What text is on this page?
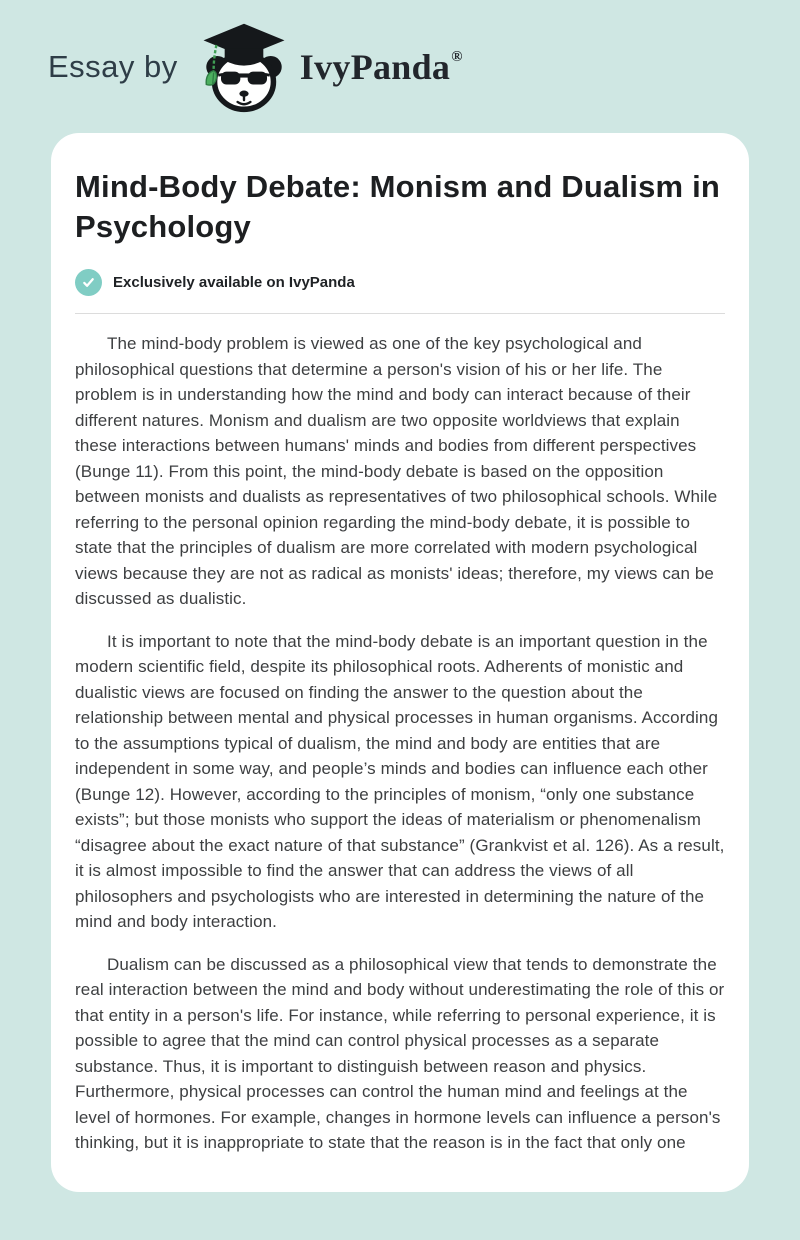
Essay by	IvyPanda®
Mind-Body Debate: Monism and Dualism in Psychology
Exclusively available on IvyPanda

The mind-body problem is viewed as one of the key psychological and philosophical questions that determine a person's vision of his or her life. The problem is in understanding how the mind and body can interact because of their different natures. Monism and dualism are two opposite worldviews that explain these interactions between humans' minds and bodies from different perspectives (Bunge 11). From this point, the mind-body debate is based on the opposition between monists and dualists as representatives of two philosophical schools. While referring to the personal opinion regarding the mind-body debate, it is possible to state that the principles of dualism are more correlated with modern psychological views because they are not as radical as monists' ideas; therefore, my views can be discussed as dualistic.

It is important to note that the mind-body debate is an important question in the modern scientific field, despite its philosophical roots. Adherents of monistic and dualistic views are focused on finding the answer to the question about the relationship between mental and physical processes in human organisms. According to the assumptions typical of dualism, the mind and body are entities that are independent in some way, and people’s minds and bodies can influence each other (Bunge 12). However, according to the principles of monism, “only one substance exists”; but those monists who support the ideas of materialism or phenomenalism “disagree about the exact nature of that substance” (Grankvist et al. 126). As a result, it is almost impossible to find the answer that can address the views of all philosophers and psychologists who are interested in determining the nature of the mind and body interaction.

Dualism can be discussed as a philosophical view that tends to demonstrate the real interaction between the mind and body without underestimating the role of this or that entity in a person's life. For instance, while referring to personal experience, it is possible to agree that the mind can control physical processes as a separate substance. Thus, it is important to distinguish between reason and physics. Furthermore, physical processes can control the human mind and feelings at the level of hormones. For example, changes in hormone levels can influence a person's thinking, but it is inappropriate to state that the reason is in the fact that only one
